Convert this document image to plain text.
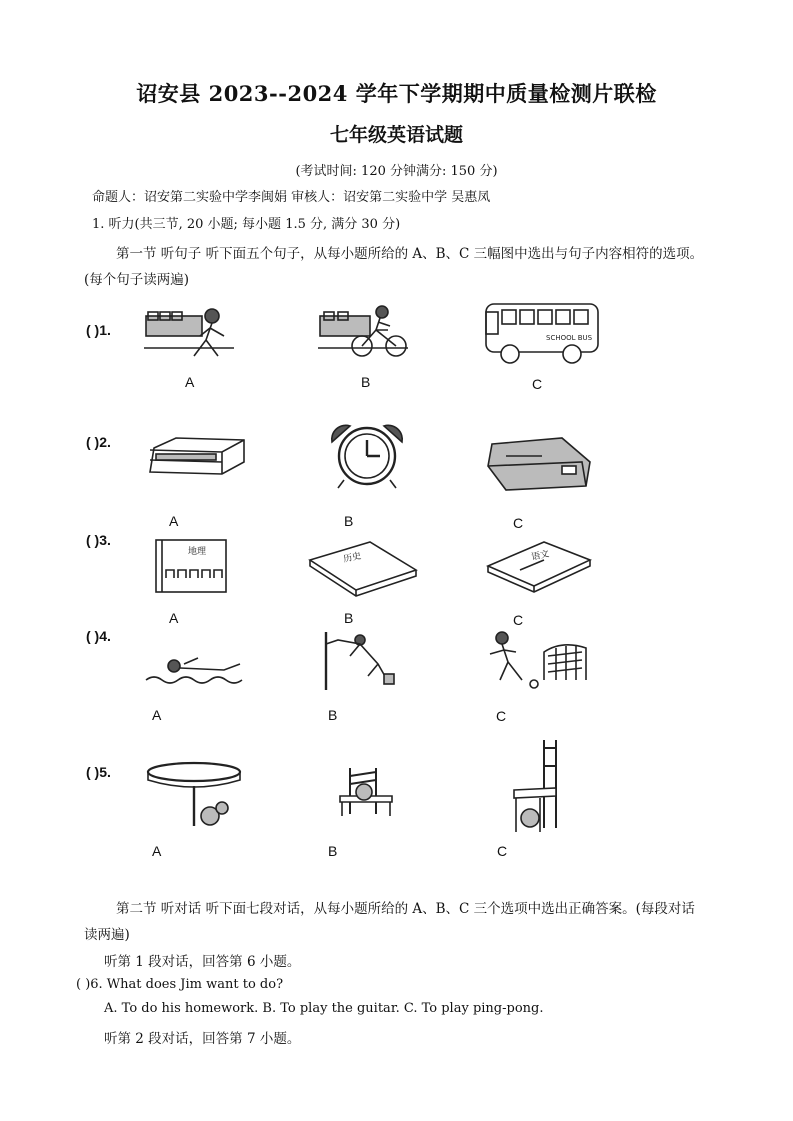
诏安县 2023--2024 学年下学期期中质量检测片联检
七年级英语试题
(考试时间: 120 分钟满分: 150 分)
命题人：诏安第二实验中学李闽娟 审核人：诏安第二实验中学 吴惠凤
1. 听力(共三节, 20 小题; 每小题 1.5 分, 满分 30 分)
第一节 听句子 听下面五个句子，从每小题所给的 A、B、C 三幅图中选出与句子内容相符的选项。
(每个句子读两遍)
( )1.	SCHOOL BUS
A	B	C
( )2.
A	B	C
( )3.
地理	历史	语文
A	B	C
( )4.
A	B	C
( )5.
A	B	C
第二节 听对话 听下面七段对话，从每小题所给的 A、B、C 三个选项中选出正确答案。(每段对话
读两遍)
听第 1 段对话，回答第 6 小题。
( )6. What does Jim want to do?
A. To do his homework. B. To play the guitar. C. To play ping-pong.
听第 2 段对话，回答第 7 小题。
